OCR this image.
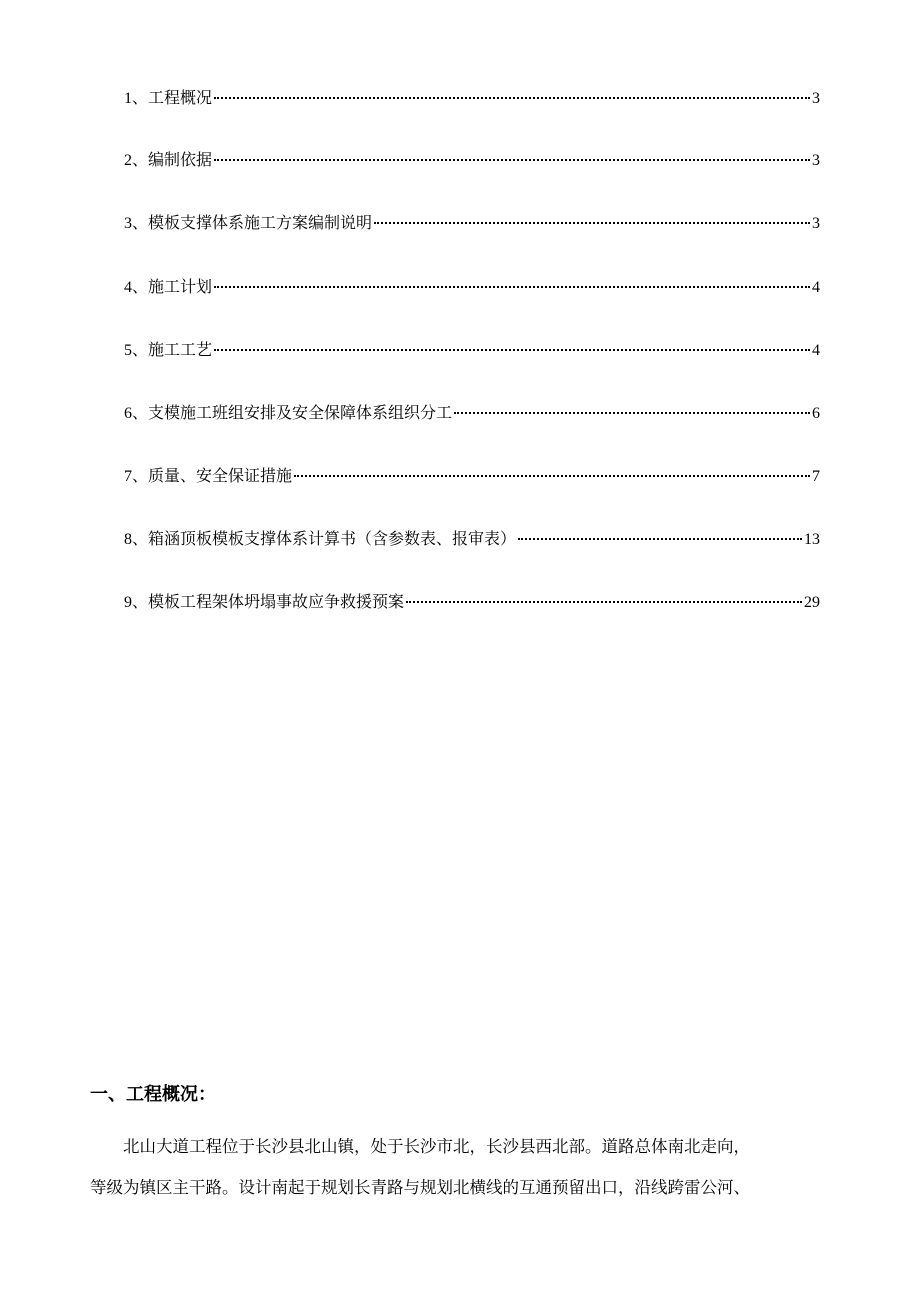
1 、 工程概况	3
2 、 编制依据	3
3 、 模板支撑体系施工方案编制说明	3
4 、 施工计划	4
5 、 施工工艺	4
6 、 支模施工班组安排及安全保障体系组织分工	6
7 、 质量、安全保证措施	7
8 、 箱涵顶板模板支撑体系计算书（含参数表、报审表）	13
9 、 模板工程架体坍塌事故应争救援预案	29
一、工程概况：

北山大道工程位于长沙县北山镇，处于长沙市北，长沙县西北部。道路总体南北走向，
等级为镇区主干路。设计南起于规划长青路与规划北横线的互通预留出口，沿线跨雷公河、
